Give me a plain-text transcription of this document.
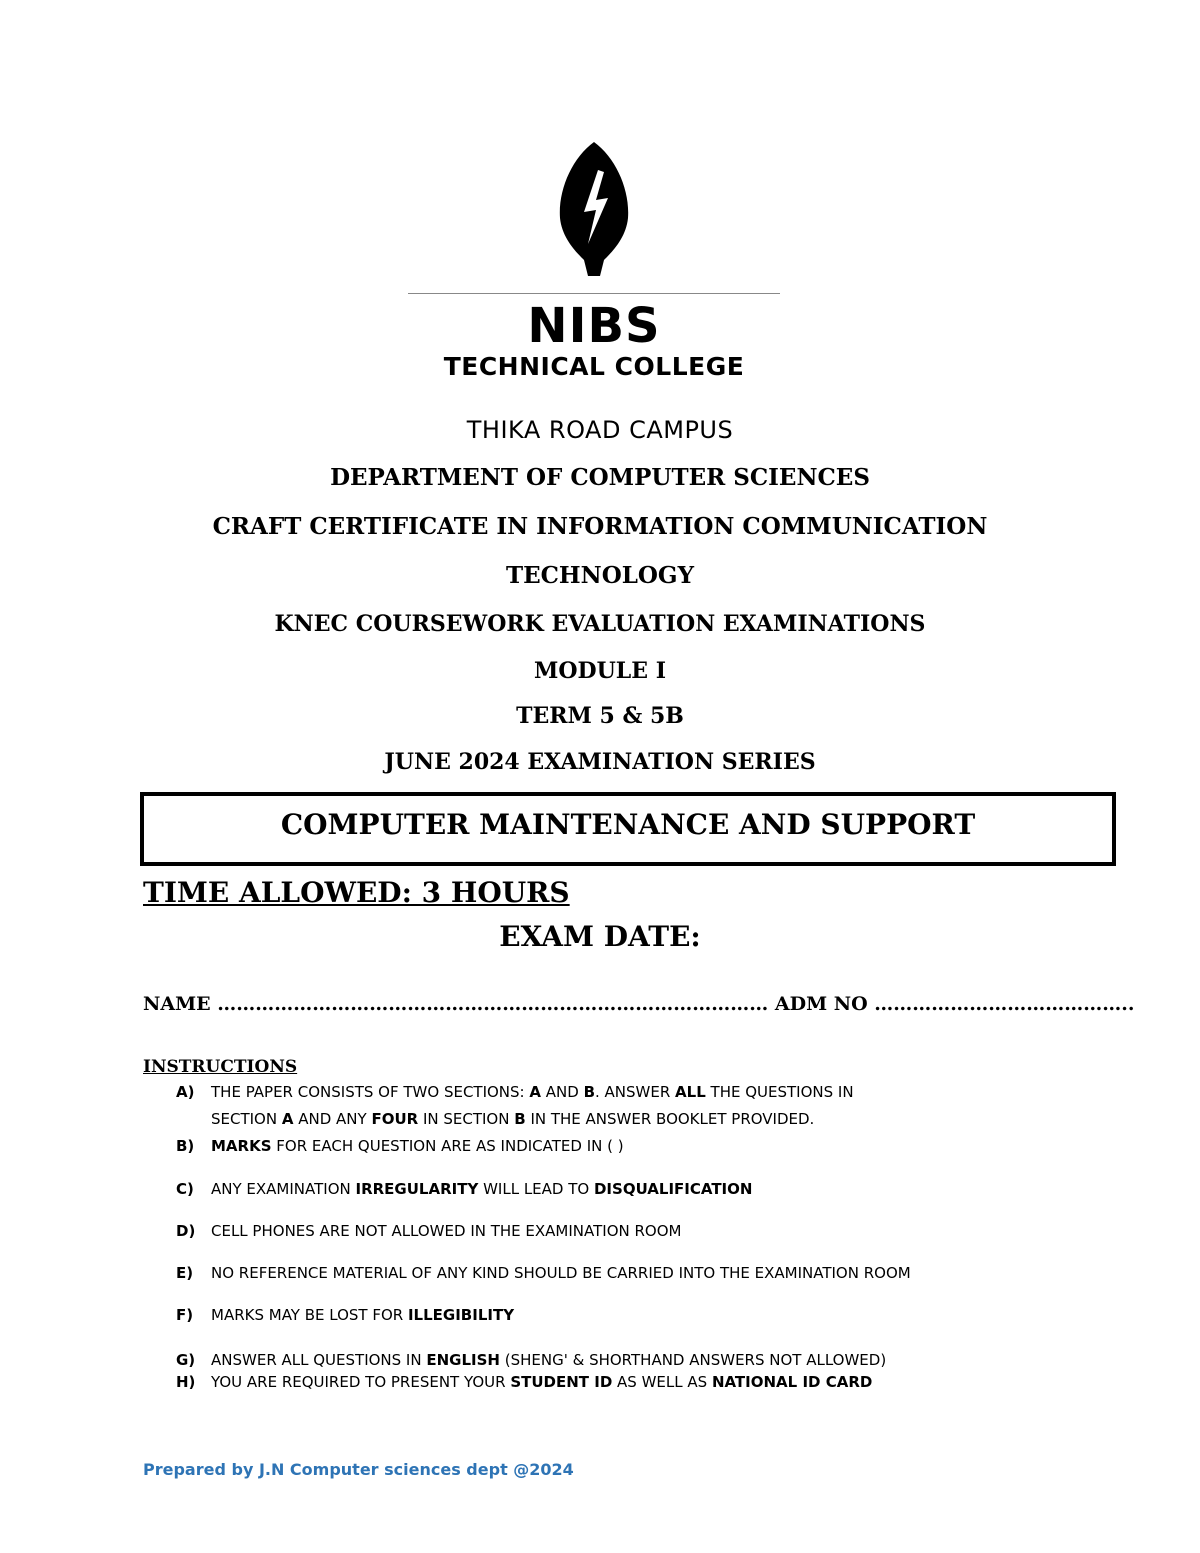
NIBS
TECHNICAL COLLEGE
THIKA ROAD CAMPUS
DEPARTMENT OF COMPUTER SCIENCES
CRAFT CERTIFICATE IN INFORMATION COMMUNICATION
TECHNOLOGY
KNEC COURSEWORK EVALUATION EXAMINATIONS
MODULE I
TERM 5 & 5B
JUNE 2024 EXAMINATION SERIES
COMPUTER MAINTENANCE AND SUPPORT
TIME ALLOWED: 3 HOURS
EXAM DATE:
NAME …………………………………………………………………………… ADM NO …………………………………..
INSTRUCTIONS
A) THE PAPER CONSISTS OF TWO SECTIONS: A AND B. ANSWER ALL THE QUESTIONS IN
SECTION A AND ANY FOUR IN SECTION B IN THE ANSWER BOOKLET PROVIDED.
B) MARKS FOR EACH QUESTION ARE AS INDICATED IN ( )
C) ANY EXAMINATION IRREGULARITY WILL LEAD TO DISQUALIFICATION
D) CELL PHONES ARE NOT ALLOWED IN THE EXAMINATION ROOM
E) NO REFERENCE MATERIAL OF ANY KIND SHOULD BE CARRIED INTO THE EXAMINATION ROOM
F) MARKS MAY BE LOST FOR ILLEGIBILITY
G) ANSWER ALL QUESTIONS IN ENGLISH (SHENG' & SHORTHAND ANSWERS NOT ALLOWED)
H) YOU ARE REQUIRED TO PRESENT YOUR STUDENT ID AS WELL AS NATIONAL ID CARD
Prepared by J.N Computer sciences dept @2024
